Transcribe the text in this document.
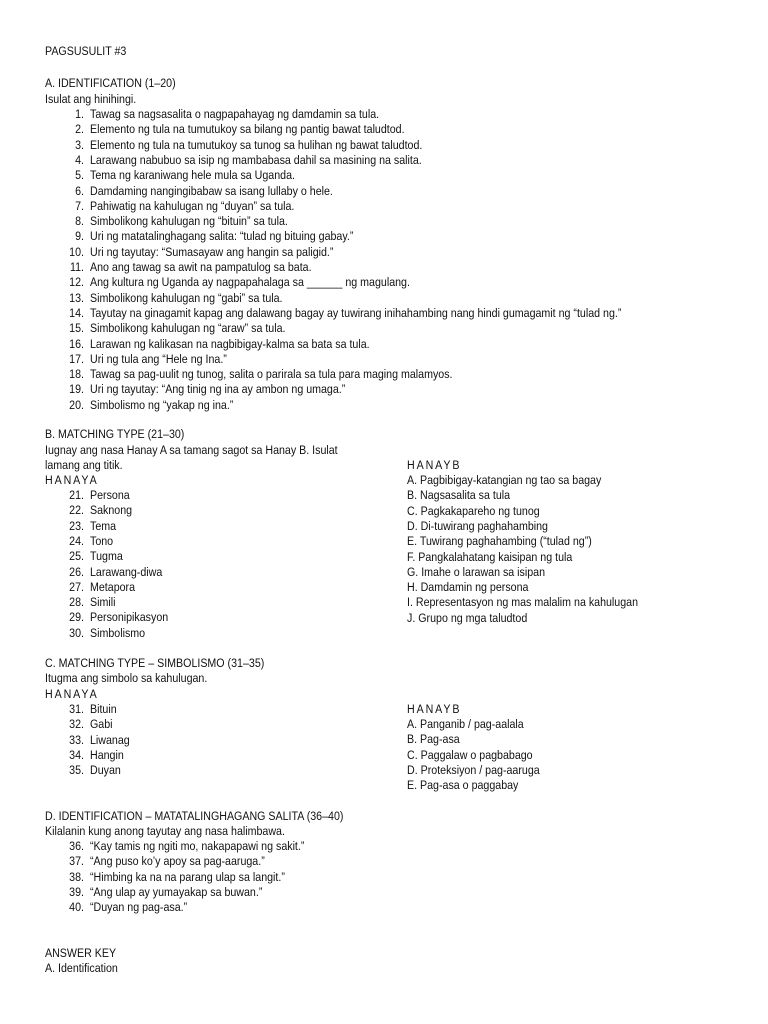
PAGSUSULIT #3
A. IDENTIFICATION (1–20)
Isulat ang hinihingi.
1. Tawag sa nagsasalita o nagpapahayag ng damdamin sa tula.
2. Elemento ng tula na tumutukoy sa bilang ng pantig bawat taludtod.
3. Elemento ng tula na tumutukoy sa tunog sa hulihan ng bawat taludtod.
4. Larawang nabubuo sa isip ng mambabasa dahil sa masining na salita.
5. Tema ng karaniwang hele mula sa Uganda.
6. Damdaming nangingibabaw sa isang lullaby o hele.
7. Pahiwatig na kahulugan ng “duyan” sa tula.
8. Simbolikong kahulugan ng “bituin” sa tula.
9. Uri ng matatalinghagang salita: “tulad ng bituing gabay.”
10. Uri ng tayutay: “Sumasayaw ang hangin sa paligid.”
11. Ano ang tawag sa awit na pampatulog sa bata.
12. Ang kultura ng Uganda ay nagpapahalaga sa ______ ng magulang.
13. Simbolikong kahulugan ng “gabi” sa tula.
14. Tayutay na ginagamit kapag ang dalawang bagay ay tuwirang inihahambing nang hindi gumagamit ng “tulad ng.”
15. Simbolikong kahulugan ng “araw” sa tula.
16. Larawan ng kalikasan na nagbibigay-kalma sa bata sa tula.
17. Uri ng tula ang “Hele ng Ina.”
18. Tawag sa pag-uulit ng tunog, salita o parirala sa tula para maging malamyos.
19. Uri ng tayutay: “Ang tinig ng ina ay ambon ng umaga.”
20. Simbolismo ng “yakap ng ina.”
B. MATCHING TYPE (21–30)
Iugnay ang nasa Hanay A sa tamang sagot sa Hanay B. Isulat
lamang ang titik.
HANAYA
HANAYB
21. Persona
22. Saknong
23. Tema
24. Tono
25. Tugma
26. Larawang-diwa
27. Metapora
28. Simili
29. Personipikasyon
30. Simbolismo
A. Pagbibigay-katangian ng tao sa bagay
B. Nagsasalita sa tula
C. Pagkakapareho ng tunog
D. Di-tuwirang paghahambing
E. Tuwirang paghahambing (“tulad ng”)
F. Pangkalahatang kaisipan ng tula
G. Imahe o larawan sa isipan
H. Damdamin ng persona
I. Representasyon ng mas malalim na kahulugan
J. Grupo ng mga taludtod
C. MATCHING TYPE – SIMBOLISMO (31–35)
Itugma ang simbolo sa kahulugan.
HANAYA
HANAYB
31. Bituin
32. Gabi
33. Liwanag
34. Hangin
35. Duyan
A. Panganib / pag-aalala
B. Pag-asa
C. Paggalaw o pagbabago
D. Proteksiyon / pag-aaruga
E. Pag-asa o paggabay
D. IDENTIFICATION – MATATALINGHAGANG SALITA (36–40)
Kilalanin kung anong tayutay ang nasa halimbawa.
36. “Kay tamis ng ngiti mo, nakapapawi ng sakit.”
37. “Ang puso ko’y apoy sa pag-aaruga.”
38. “Himbing ka na na parang ulap sa langit.”
39. “Ang ulap ay yumayakap sa buwan.”
40. “Duyan ng pag-asa.”
ANSWER KEY
A. Identification
